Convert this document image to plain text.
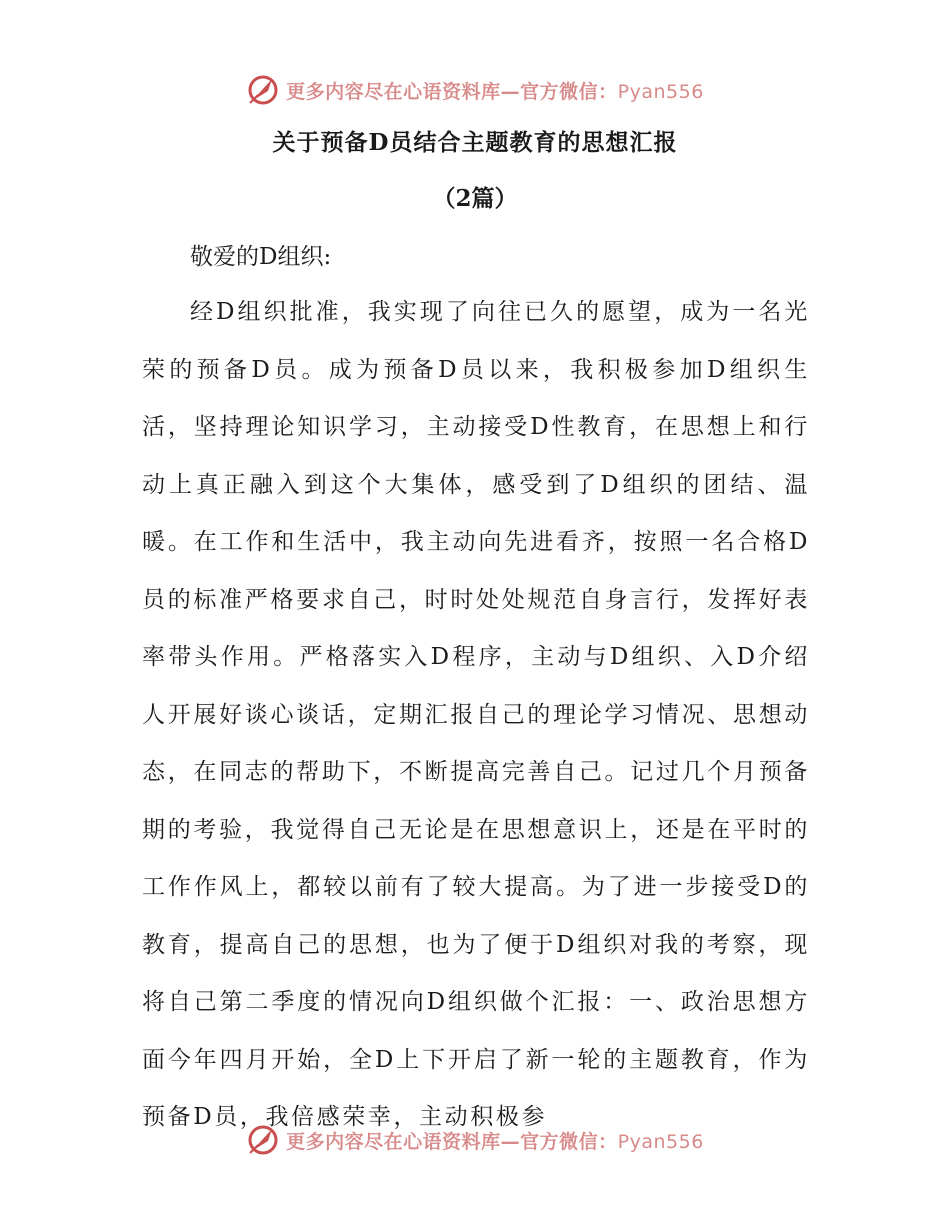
更多内容尽在心语资料库—官方微信：Pyan556
关于预备D员结合主题教育的思想汇报
（2篇）

敬爱的D组织:

经D组织批准，我实现了向往已久的愿望，成为一名光荣的预备D员。成为预备D员以来，我积极参加D组织生活，坚持理论知识学习，主动接受D性教育，在思想上和行动上真正融入到这个大集体，感受到了D组织的团结、温暖。在工作和生活中，我主动向先进看齐，按照一名合格D员的标准严格要求自己，时时处处规范自身言行，发挥好表率带头作用。严格落实入D程序，主动与D组织、入D介绍人开展好谈心谈话，定期汇报自己的理论学习情况、思想动态，在同志的帮助下，不断提高完善自己。记过几个月预备期的考验，我觉得自己无论是在思想意识上，还是在平时的工作作风上，都较以前有了较大提高。为了进一步接受D的教育，提高自己的思想，也为了便于D组织对我的考察，现将自己第二季度的情况向D组织做个汇报：一、政治思想方面今年四月开始，全D上下开启了新一轮的主题教育，作为预备D员，我倍感荣幸，主动积极参

更多内容尽在心语资料库—官方微信：Pyan556
